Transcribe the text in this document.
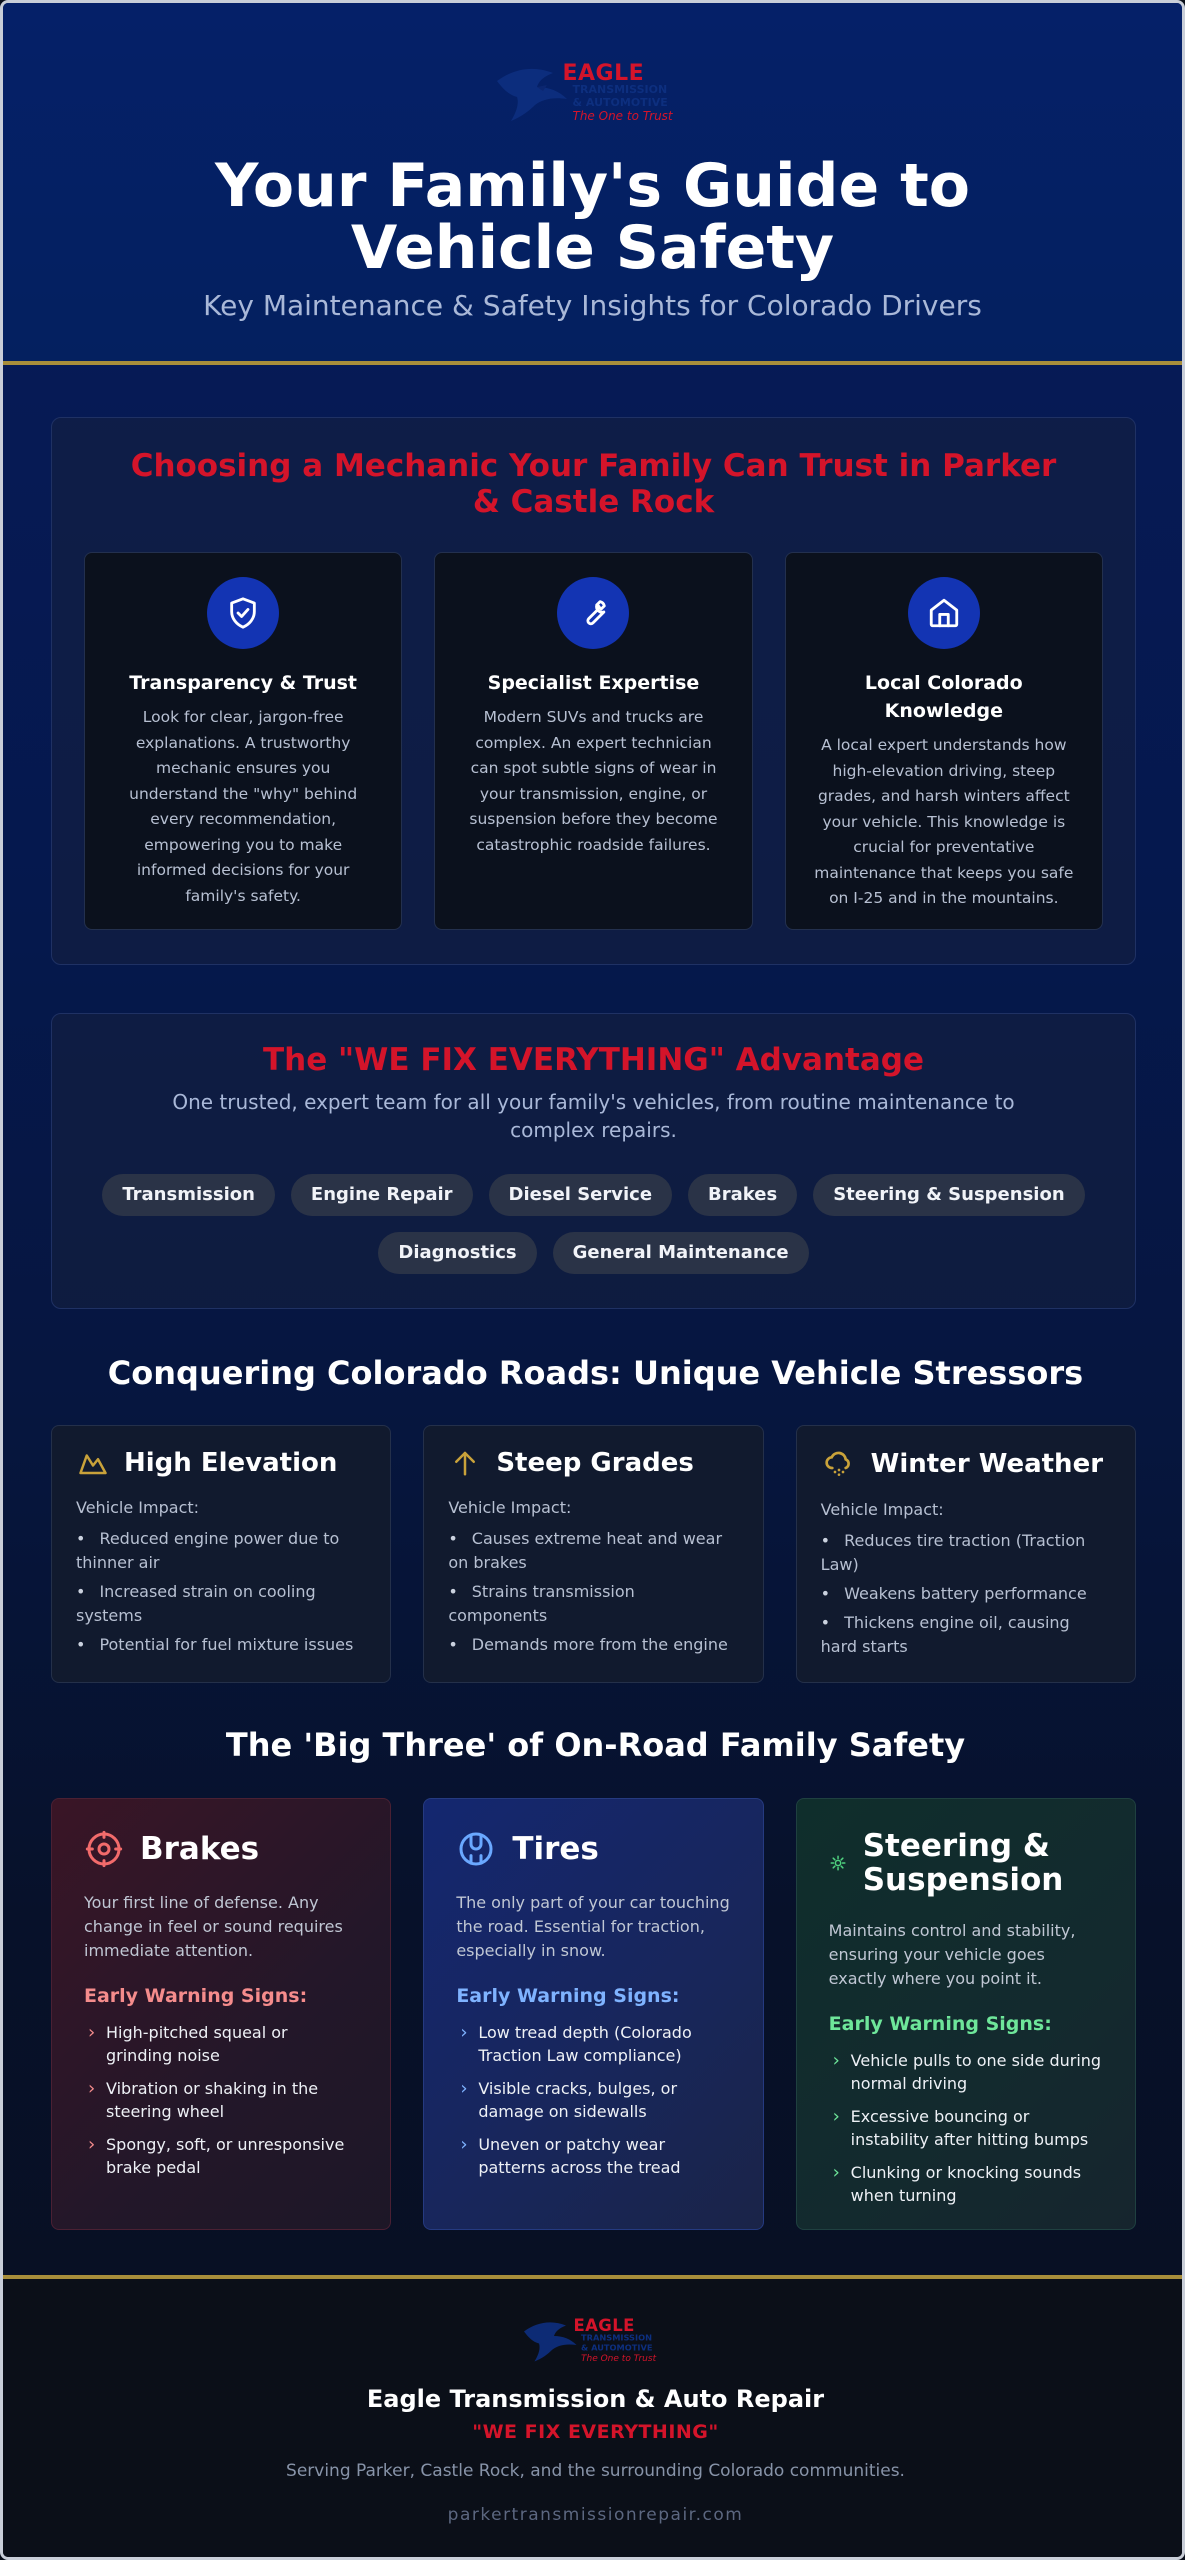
EAGLE
TRANSMISSION
& AUTOMOTIVE
The One to Trust
Your Family's Guide to Vehicle Safety
Key Maintenance & Safety Insights for Colorado Drivers
Choosing a Mechanic Your Family Can Trust in Parker & Castle Rock
Transparency & Trust

Look for clear, jargon-free explanations. A trustworthy mechanic ensures you understand the "why" behind every recommendation, empowering you to make informed decisions for your family's safety.

Specialist Expertise

Modern SUVs and trucks are complex. An expert technician can spot subtle signs of wear in your transmission, engine, or suspension before they become catastrophic roadside failures.

Local Colorado Knowledge

A local expert understands how high-elevation driving, steep grades, and harsh winters affect your vehicle. This knowledge is crucial for preventative maintenance that keeps you safe on I-25 and in the mountains.

The "WE FIX EVERYTHING" Advantage

One trusted, expert team for all your family's vehicles, from routine maintenance to complex repairs.

Transmission	Engine Repair	Diesel Service	Brakes	Steering & Suspension
Diagnostics	General Maintenance
Conquering Colorado Roads: Unique Vehicle Stressors
High Elevation
Vehicle Impact:
• Reduced engine power due to thinner air
• Increased strain on cooling systems
• Potential for fuel mixture issues
Steep Grades
Vehicle Impact:
• Causes extreme heat and wear on brakes
• Strains transmission components
• Demands more from the engine
Winter Weather
Vehicle Impact:
• Reduces tire traction (Traction Law)
• Weakens battery performance
• Thickens engine oil, causing hard starts
The 'Big Three' of On-Road Family Safety
Brakes

Your first line of defense. Any change in feel or sound requires immediate attention.

Early Warning Signs:
› High-pitched squeal or grinding noise
› Vibration or shaking in the steering wheel
› Spongy, soft, or unresponsive brake pedal
Tires

The only part of your car touching the road. Essential for traction, especially in snow.

Early Warning Signs:
› Low tread depth (Colorado Traction Law compliance)
› Visible cracks, bulges, or damage on sidewalls
› Uneven or patchy wear patterns across the tread
Steering & Suspension

Maintains control and stability, ensuring your vehicle goes exactly where you point it.

Early Warning Signs:
› Vehicle pulls to one side during normal driving
› Excessive bouncing or instability after hitting bumps
› Clunking or knocking sounds when turning
EAGLE
TRANSMISSION
& AUTOMOTIVE
The One to Trust
Eagle Transmission & Auto Repair
"WE FIX EVERYTHING"
Serving Parker, Castle Rock, and the surrounding Colorado communities.
parkertransmissionrepair.com
